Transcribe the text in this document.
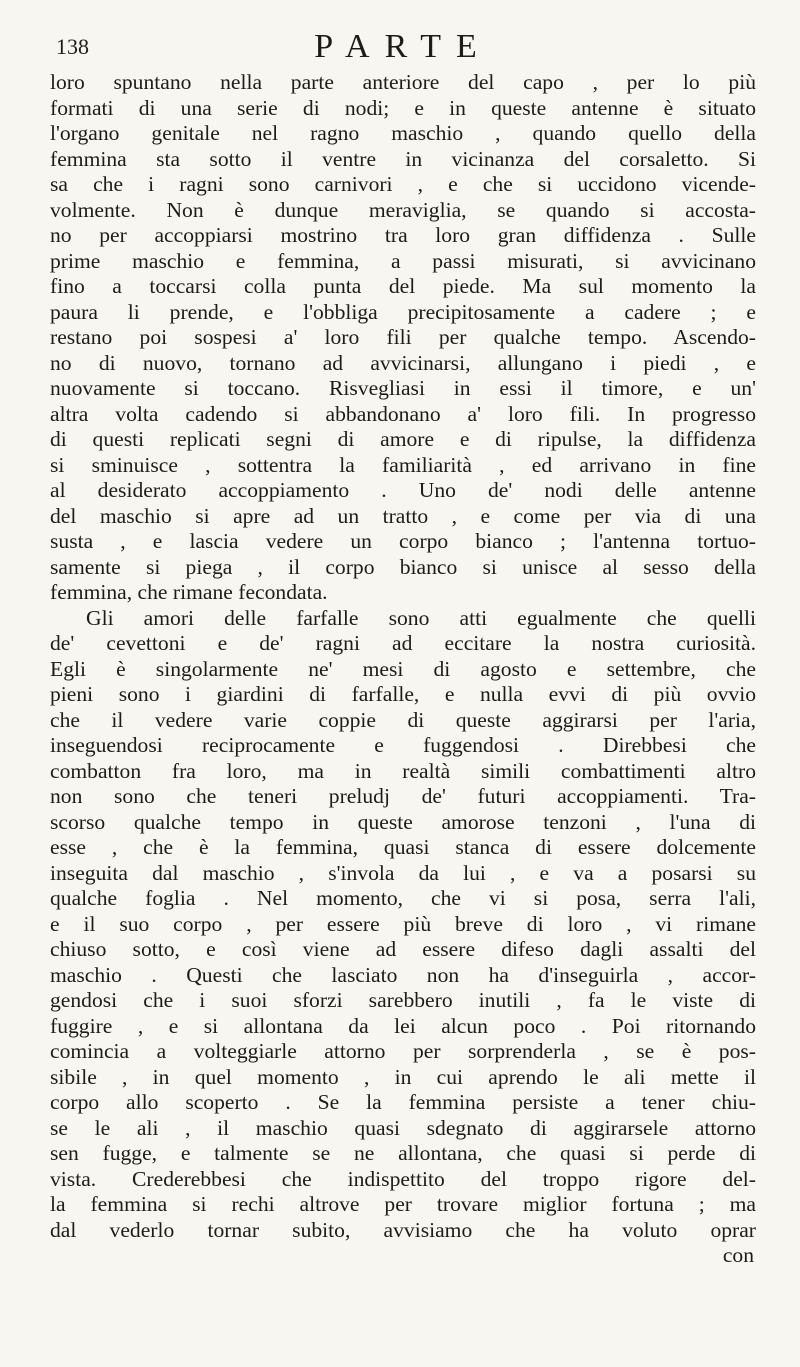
138	PARTE
loro spuntano nella parte anteriore del capo , per lo più
formati di una serie di nodi; e in queste antenne è situato
l'organo genitale nel ragno maschio , quando quello della
femmina sta sotto il ventre in vicinanza del corsaletto. Si
sa che i ragni sono carnivori , e che si uccidono vicende-
volmente. Non è dunque meraviglia, se quando si accosta-
no per accoppiarsi mostrino tra loro gran diffidenza . Sulle
prime maschio e femmina, a passi misurati, si avvicinano
fino a toccarsi colla punta del piede. Ma sul momento la
paura li prende, e l'obbliga precipitosamente a cadere ; e
restano poi sospesi a' loro fili per qualche tempo. Ascendo-
no di nuovo, tornano ad avvicinarsi, allungano i piedi , e
nuovamente si toccano. Risvegliasi in essi il timore, e un'
altra volta cadendo si abbandonano a' loro fili. In progresso
di questi replicati segni di amore e di ripulse, la diffidenza
si sminuisce , sottentra la familiarità , ed arrivano in fine
al desiderato accoppiamento . Uno de' nodi delle antenne
del maschio si apre ad un tratto , e come per via di una
susta , e lascia vedere un corpo bianco ; l'antenna tortuo-
samente si piega , il corpo bianco si unisce al sesso della
femmina, che rimane fecondata.
Gli amori delle farfalle sono atti egualmente che quelli
de' cevettoni e de' ragni ad eccitare la nostra curiosità.
Egli è singolarmente ne' mesi di agosto e settembre, che
pieni sono i giardini di farfalle, e nulla evvi di più ovvio
che il vedere varie coppie di queste aggirarsi per l'aria,
inseguendosi reciprocamente e fuggendosi . Direbbesi che
combatton fra loro, ma in realtà simili combattimenti altro
non sono che teneri preludj de' futuri accoppiamenti. Tra-
scorso qualche tempo in queste amorose tenzoni , l'una di
esse , che è la femmina, quasi stanca di essere dolcemente
inseguita dal maschio , s'invola da lui , e va a posarsi su
qualche foglia . Nel momento, che vi si posa, serra l'ali,
e il suo corpo , per essere più breve di loro , vi rimane
chiuso sotto, e così viene ad essere difeso dagli assalti del
maschio . Questi che lasciato non ha d'inseguirla , accor-
gendosi che i suoi sforzi sarebbero inutili , fa le viste di
fuggire , e si allontana da lei alcun poco . Poi ritornando
comincia a volteggiarle attorno per sorprenderla , se è pos-
sibile , in quel momento , in cui aprendo le ali mette il
corpo allo scoperto . Se la femmina persiste a tener chiu-
se le ali , il maschio quasi sdegnato di aggirarsele attorno
sen fugge, e talmente se ne allontana, che quasi si perde di
vista. Crederebbesi che indispettito del troppo rigore del-
la femmina si rechi altrove per trovare miglior fortuna ; ma
dal vederlo tornar subito, avvisiamo che ha voluto oprar
con
